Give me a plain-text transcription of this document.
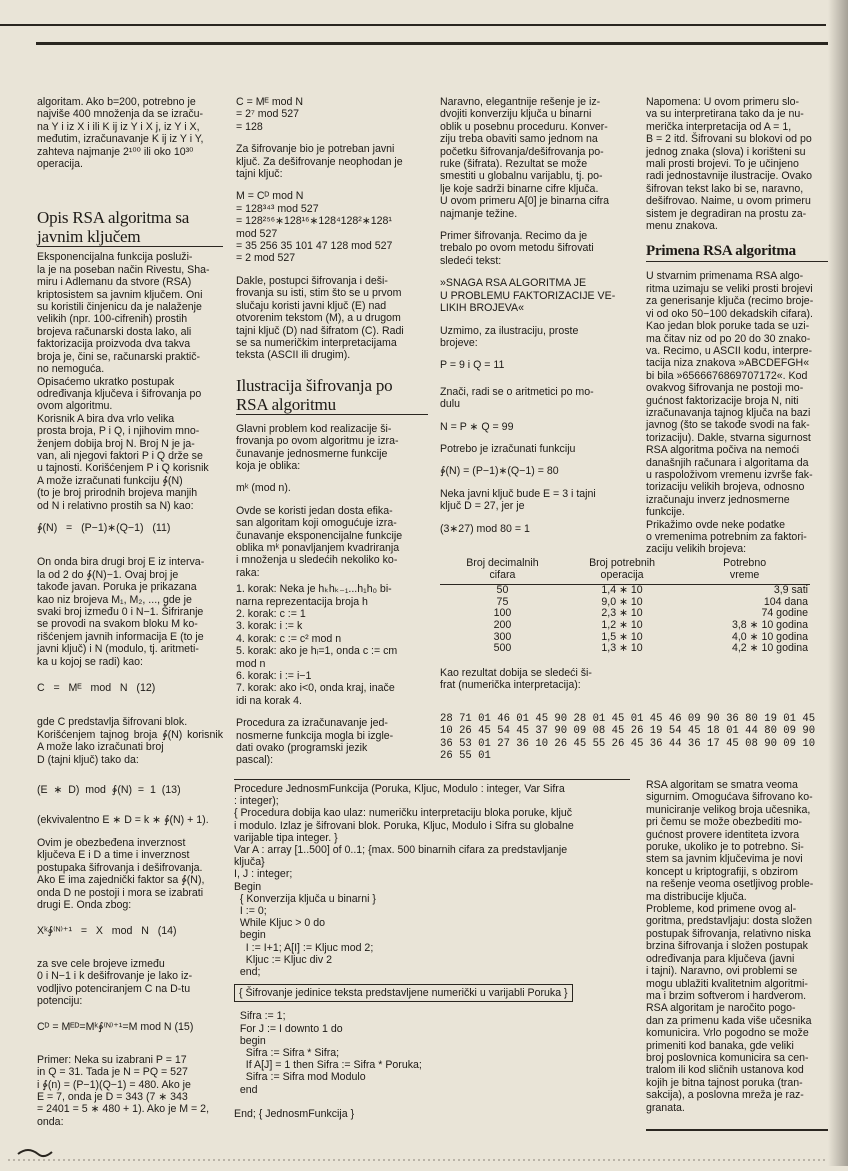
algoritam. Ako b=200, potrebno je
najviše 400 množenja da se izraču-
na Y i iz X i ili K ij iz Y i X j, iz Y i X,
međutim, izračunavanje K ij iz Y i Y,
zahteva najmanje 2¹⁰⁰ ili oko 10³⁰
operacija.

Opis RSA algoritma sa javnim ključem

Eksponencijalna funkcija posluži-
la je na poseban način Rivestu, Sha-
miru i Adlemanu da stvore (RSA)
kriptosistem sa javnim ključem. Oni
su koristili činjenicu da je nalaženje
velikih (npr. 100-cifrenih) prostih
brojeva računarski dosta lako, ali
faktorizacija proizvoda dva takva
broja je, čini se, računarski praktič-
no nemoguća.

Opisaćemo ukratko postupak
određivanja ključeva i šifrovanja po
ovom algoritmu.

Korisnik A bira dva vrlo velika
prosta broja, P i Q, i njihovim mno-
ženjem dobija broj N. Broj N je ja-
van, ali njegovi faktori P i Q drže se
u tajnosti. Korišćenjem P i Q korisnik
A može izračunati funkciju ∲(N)
(to je broj prirodnih brojeva manjih
od N i relativno prostih sa N) kao:

∲(N)   =   (P−1)∗(Q−1)   (11)

On onda bira drugi broj E iz interva-
la od 2 do ∲(N)−1. Ovaj broj je
takođe javan. Poruka je prikazana
kao niz brojeva M₁, M₂, ..., gde je
svaki broj između 0 i N−1. Šifriranje
se provodi na svakom bloku M ko-
rišćenjem javnih informacija E (to je
javni ključ) i N (modulo, tj. aritmeti-
ka u kojoj se radi) kao:

C   =   Mᴱ   mod   N   (12)

gde C predstavlja šifrovani blok.
Korišćenjem tajnog broja ∲(N) korisnik A može lako izračunati broj
D (tajni ključ) tako da:

(E  ∗  D)  mod  ∲(N)  =  1  (13)

(ekvivalentno E ∗ D = k ∗ ∲(N) + 1).

Ovim je obezbeđena inverznost
ključeva E i D a time i inverznost
postupaka šifrovanja i dešifrovanja.
Ako E ima zajednički faktor sa ∲(N),
onda D ne postoji i mora se izabrati
drugi E. Onda zbog:

Xᵏ∲⁽ᴺ⁾⁺¹   =   X   mod   N   (14)

za sve cele brojeve između
0 i N−1 i k dešifrovanje je lako iz-
vodljivo potenciranjem C na D-tu
potenciju:

Cᴰ = Mᴱᴰ=Mᵏ∲⁽ᴺ⁾⁺¹=M mod N (15)

Primer: Neka su izabrani P = 17
in Q = 31. Tada je N = PQ = 527
i ∲(n) = (P−1)(Q−1) = 480. Ako je
E = 7, onda je D = 343 (7 ∗ 343
= 2401 = 5 ∗ 480 + 1). Ako je M = 2,
onda:

C = Mᴱ mod N
= 2⁷ mod 527
= 128

Za šifrovanje bio je potreban javni
ključ. Za dešifrovanje neophodan je
tajni ključ:

M = Cᴰ mod N
= 128³⁴³ mod 527
= 128²⁵⁶∗128¹⁶∗128⁴128²∗128¹
mod 527
= 35 256 35 101 47 128 mod 527
= 2 mod 527

Dakle, postupci šifrovanja i deši-
frovanja su isti, stim što se u prvom
slučaju koristi javni ključ (E) nad
otvorenim tekstom (M), a u drugom
tajni ključ (D) nad šifratom (C). Radi
se sa numeričkim interpretacijama
teksta (ASCII ili drugim).

Ilustracija šifrovanja po RSA algoritmu

Glavni problem kod realizacije ši-
frovanja po ovom algoritmu je izra-
čunavanje jednosmerne funkcije
koja je oblika:

mᵏ (mod n).

Ovde se koristi jedan dosta efika-
san algoritam koji omogućuje izra-
čunavanje eksponencijalne funkcije
oblika mᵏ ponavljanjem kvadriranja
i množenja u sledećih nekoliko ko-
raka:

1. korak: Neka je hₖhₖ₋₁...h₁h₀ bi-
narna reprezentacija broja h
2. korak: c := 1
3. korak: i := k
4. korak: c := c² mod n
5. korak: ako je hᵢ=1, onda c := cm
mod n
6. korak: i := i−1
7. korak: ako i<0, onda kraj, inače
idi na korak 4.

Procedura za izračunavanje jed-
nosmerne funkcija mogla bi izgle-
dati ovako (programski jezik
pascal):

Naravno, elegantnije rešenje je iz-
dvojiti konverziju ključa u binarni
oblik u posebnu proceduru. Konver-
ziju treba obaviti samo jednom na
početku šifrovanja/dešifrovanja po-
ruke (šifrata). Rezultat se može
smestiti u globalnu varijablu, tj. po-
lje koje sadrži binarne cifre ključa.
U ovom primeru A[0] je binarna cifra
najmanje težine.

Primer šifrovanja. Recimo da je
trebalo po ovom metodu šifrovati
sledeći tekst:

»SNAGA RSA ALGORITMA JE
U PROBLEMU FAKTORIZACIJE VE-
LIKIH BROJEVA«

Uzmimo, za ilustraciju, proste
brojeve:

P = 9 i Q = 11

Znači, radi se o aritmetici po mo-
dulu

N = P ∗ Q = 99

Potrebo je izračunati funkciju

∲(N) = (P−1)∗(Q−1) = 80

Neka javni ključ bude E = 3 i tajni
ključ D = 27, jer je

(3∗27) mod 80 = 1

Broj decimalnih
cifara	Broj potrebnih
operacija	Potrebno
vreme
50	1,4 ∗ 10	3,9 sati
75	9,0 ∗ 10	104 dana
100	2,3 ∗ 10	74 godine
200	1,2 ∗ 10	3,8 ∗ 10 godina
300	1,5 ∗ 10	4,0 ∗ 10 godina
500	1,3 ∗ 10	4,2 ∗ 10 godina

Kao rezultat dobija se sledeći ši-
frat (numerička interpretacija):

28 71 01 46 01 45 90 28 01 45 01 45 46 09 90 36 80 19 01 45
10 26 45 54 45 37 90 09 08 45 26 19 54 45 18 01 44 80 09 90
36 53 01 27 36 10 26 45 55 26 45 36 44 36 17 45 08 90 09 10
26 55 01

Napomena: U ovom primeru slo-
va su interpretirana tako da je nu-
merička interpretacija od A = 1,
B = 2 itd. Šifrovani su blokovi od po
jednog znaka (slova) i korišteni su
mali prosti brojevi. To je učinjeno
radi jednostavnije ilustracije. Ovako
šifrovan tekst lako bi se, naravno,
dešifrovao. Naime, u ovom primeru
sistem je degradiran na prostu za-
menu znakova.

Primena RSA algoritma

U stvarnim primenama RSA algo-
ritma uzimaju se veliki prosti brojevi
za generisanje ključa (recimo broje-
vi od oko 50−100 dekadskih cifara).
Kao jedan blok poruke tada se uzi-
ma čitav niz od po 20 do 30 znako-
va. Recimo, u ASCII kodu, interpre-
tacija niza znakova »ABCDEFGH«
bi bila »6566676869707172«. Kod
ovakvog šifrovanja ne postoji mo-
gućnost faktorizacije broja N, niti
izračunavanja tajnog ključa na bazi
javnog (što se takođe svodi na fak-
torizaciju). Dakle, stvarna sigurnost
RSA algoritma počiva na nemoći
današnjih računara i algoritama da
u raspoloživom vremenu izvrše fak-
torizaciju velikih brojeva, odnosno
izračunaju inverz jednosmerne
funkcije.

Prikažimo ovde neke podatke
o vremenima potrebnim za faktori-
zaciju velikih brojeva:

RSA algoritam se smatra veoma
sigurnim. Omogućava šifrovano ko-
municiranje velikog broja učesnika,
pri čemu se može obezbediti mo-
gućnost provere identiteta izvora
poruke, ukoliko je to potrebno. Si-
stem sa javnim ključevima je novi
koncept u kriptografiji, s obzirom
na rešenje veoma osetljivog proble-
ma distribucije ključa.

Probleme, kod primene ovog al-
goritma, predstavljaju: dosta složen
postupak šifrovanja, relativno niska
brzina šifrovanja i složen postupak
određivanja para ključeva (javni
i tajni). Naravno, ovi problemi se
mogu ublažiti kvalitetnim algoritmi-
ma i brzim softverom i hardverom.

RSA algoritam je naročito pogo-
dan za primenu kada više učesnika
komunicira. Vrlo pogodno se može
primeniti kod banaka, gde veliki
broj poslovnica komunicira sa cen-
tralom ili kod sličnih ustanova kod
kojih je bitna tajnost poruka (tran-
sakcija), a poslovna mreža je raz-
granata.

Procedure JednosmFunkcija (Poruka, Kljuc, Modulo : integer, Var Sifra
: integer);
{ Procedura dobija kao ulaz: numeričku interpretaciju bloka poruke, ključ
i modulo. Izlaz je šifrovani blok. Poruka, Kljuc, Modulo i Sifra su globalne
varijable tipa integer. }
Var A : array [1..500] of 0..1; {max. 500 binarnih cifara za predstavljanje
ključa}
I, J : integer;
Begin
{ Konverzija ključa u binarni }
I := 0;
While Kljuc > 0 do
begin
I := I+1; A[I] := Kljuc mod 2;
Kljuc := Kljuc div 2
end;

{ Šifrovanje jedinice teksta predstavljene numerički u varijabli Poruka }

Sifra := 1;
For J := I downto 1 do
begin
Sifra := Sifra * Sifra;
If A[J] = 1 then Sifra := Sifra * Poruka;
Sifra := Sifra mod Modulo
end

End; { JednosmFunkcija }
